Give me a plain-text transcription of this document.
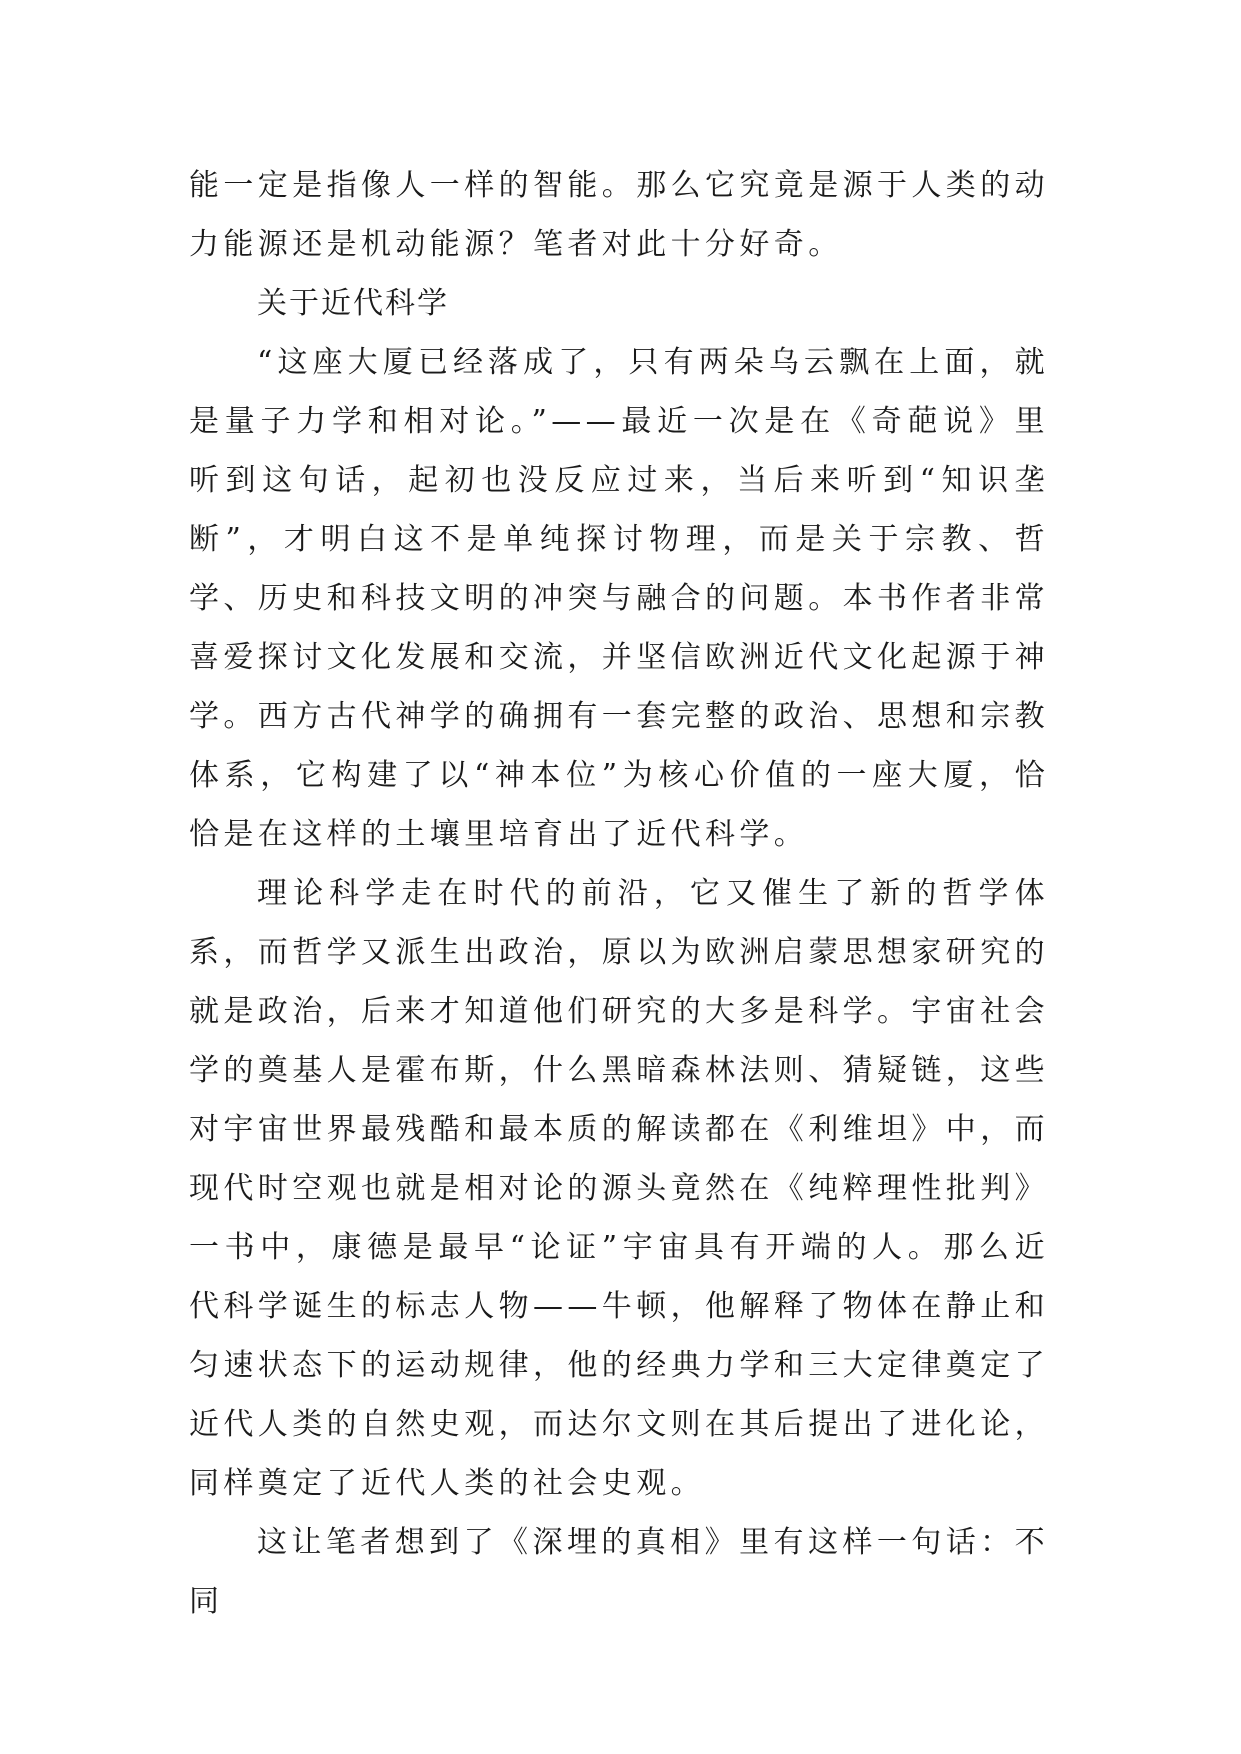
能一定是指像人一样的智能。那么它究竟是源于人类的动力能源还是机动能源？笔者对此十分好奇。

关于近代科学

“这座大厦已经落成了，只有两朵乌云飘在上面，就是量子力学和相对论。”——最近一次是在《奇葩说》里听到这句话，起初也没反应过来，当后来听到“知识垄断”，才明白这不是单纯探讨物理，而是关于宗教、哲学、历史和科技文明的冲突与融合的问题。本书作者非常喜爱探讨文化发展和交流，并坚信欧洲近代文化起源于神学。西方古代神学的确拥有一套完整的政治、思想和宗教体系，它构建了以“神本位”为核心价值的一座大厦，恰恰是在这样的土壤里培育出了近代科学。

理论科学走在时代的前沿，它又催生了新的哲学体系，而哲学又派生出政治，原以为欧洲启蒙思想家研究的就是政治，后来才知道他们研究的大多是科学。宇宙社会学的奠基人是霍布斯，什么黑暗森林法则、猜疑链，这些对宇宙世界最残酷和最本质的解读都在《利维坦》中，而现代时空观也就是相对论的源头竟然在《纯粹理性批判》一书中，康德是最早“论证”宇宙具有开端的人。那么近代科学诞生的标志人物——牛顿，他解释了物体在静止和匀速状态下的运动规律，他的经典力学和三大定律奠定了近代人类的自然史观，而达尔文则在其后提出了进化论，同样奠定了近代人类的社会史观。

这让笔者想到了《深埋的真相》里有这样一句话：不同
